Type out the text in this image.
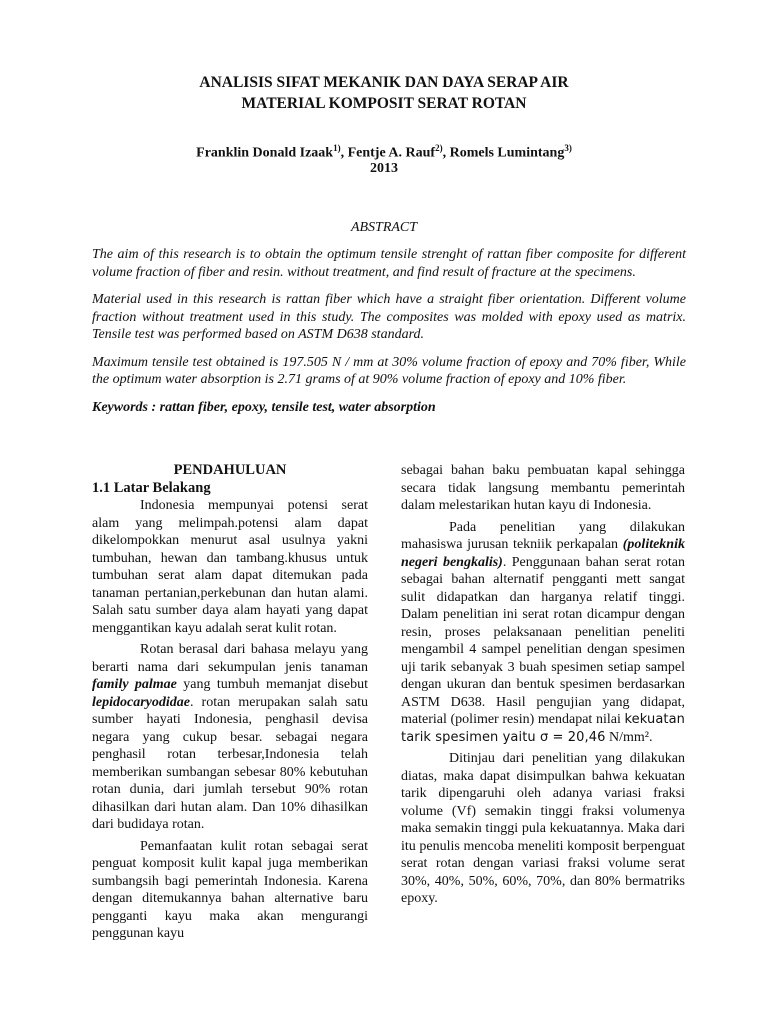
ANALISIS SIFAT MEKANIK DAN DAYA SERAP AIR
MATERIAL KOMPOSIT SERAT ROTAN
Franklin Donald Izaak$^{1)}$, Fentje A. Rauf$^{2)}$, Romels Lumintang$^{3)}$
2013
ABSTRACT

The aim of this research is to obtain the optimum tensile strenght of rattan fiber composite for different volume fraction of fiber and resin. without treatment, and find result of fracture at the specimens.

Material used in this research is rattan fiber which have a straight fiber orientation. Different volume fraction without treatment used in this study. The composites was molded with epoxy used as matrix. Tensile test was performed based on ASTM D638 standard.

Maximum tensile test obtained is 197.505 N / mm at 30% volume fraction of epoxy and 70% fiber, While the optimum water absorption is 2.71 grams of at 90% volume fraction of epoxy and 10% fiber.

Keywords : rattan fiber, epoxy, tensile test, water absorption

PENDAHULUAN

1.1 Latar Belakang

Indonesia mempunyai potensi serat alam yang melimpah.potensi alam dapat dikelompokkan menurut asal usulnya yakni tumbuhan, hewan dan tambang.khusus untuk tumbuhan serat alam dapat ditemukan pada tanaman pertanian,perkebunan dan hutan alami. Salah satu sumber daya alam hayati yang dapat menggantikan kayu adalah serat kulit rotan.

Rotan berasal dari bahasa melayu yang berarti nama dari sekumpulan jenis tanaman family palmae yang tumbuh memanjat disebut lepidocaryodidae. rotan merupakan salah satu sumber hayati Indonesia, penghasil devisa negara yang cukup besar. sebagai negara penghasil rotan terbesar,Indonesia telah memberikan sumbangan sebesar 80% kebutuhan rotan dunia, dari jumlah tersebut 90% rotan dihasilkan dari hutan alam. Dan 10% dihasilkan dari budidaya rotan.

Pemanfaatan kulit rotan sebagai serat penguat komposit kulit kapal juga memberikan sumbangsih bagi pemerintah Indonesia. Karena dengan ditemukannya bahan alternative baru pengganti kayu maka akan mengurangi penggunan kayu

sebagai bahan baku pembuatan kapal sehingga secara tidak langsung membantu pemerintah dalam melestarikan hutan kayu di Indonesia.

Pada penelitian yang dilakukan mahasiswa jurusan tekniik perkapalan (politeknik negeri bengkalis). Penggunaan bahan serat rotan sebagai bahan alternatif pengganti mett sangat sulit didapatkan dan harganya relatif tinggi. Dalam penelitian ini serat rotan dicampur dengan resin, proses pelaksanaan penelitian peneliti mengambil 4 sampel penelitian dengan spesimen uji tarik sebanyak 3 buah spesimen setiap sampel dengan ukuran dan bentuk spesimen berdasarkan ASTM D638. Hasil pengujian yang didapat, material (polimer resin) mendapat nilai kekuatan tarik spesimen yaitu σ = 20,46 N/mm².

Ditinjau dari penelitian yang dilakukan diatas, maka dapat disimpulkan bahwa kekuatan tarik dipengaruhi oleh adanya variasi fraksi volume (Vf) semakin tinggi fraksi volumenya maka semakin tinggi pula kekuatannya. Maka dari itu penulis mencoba meneliti komposit berpenguat serat rotan dengan variasi fraksi volume serat 30%, 40%, 50%, 60%, 70%, dan 80% bermatriks epoxy.
